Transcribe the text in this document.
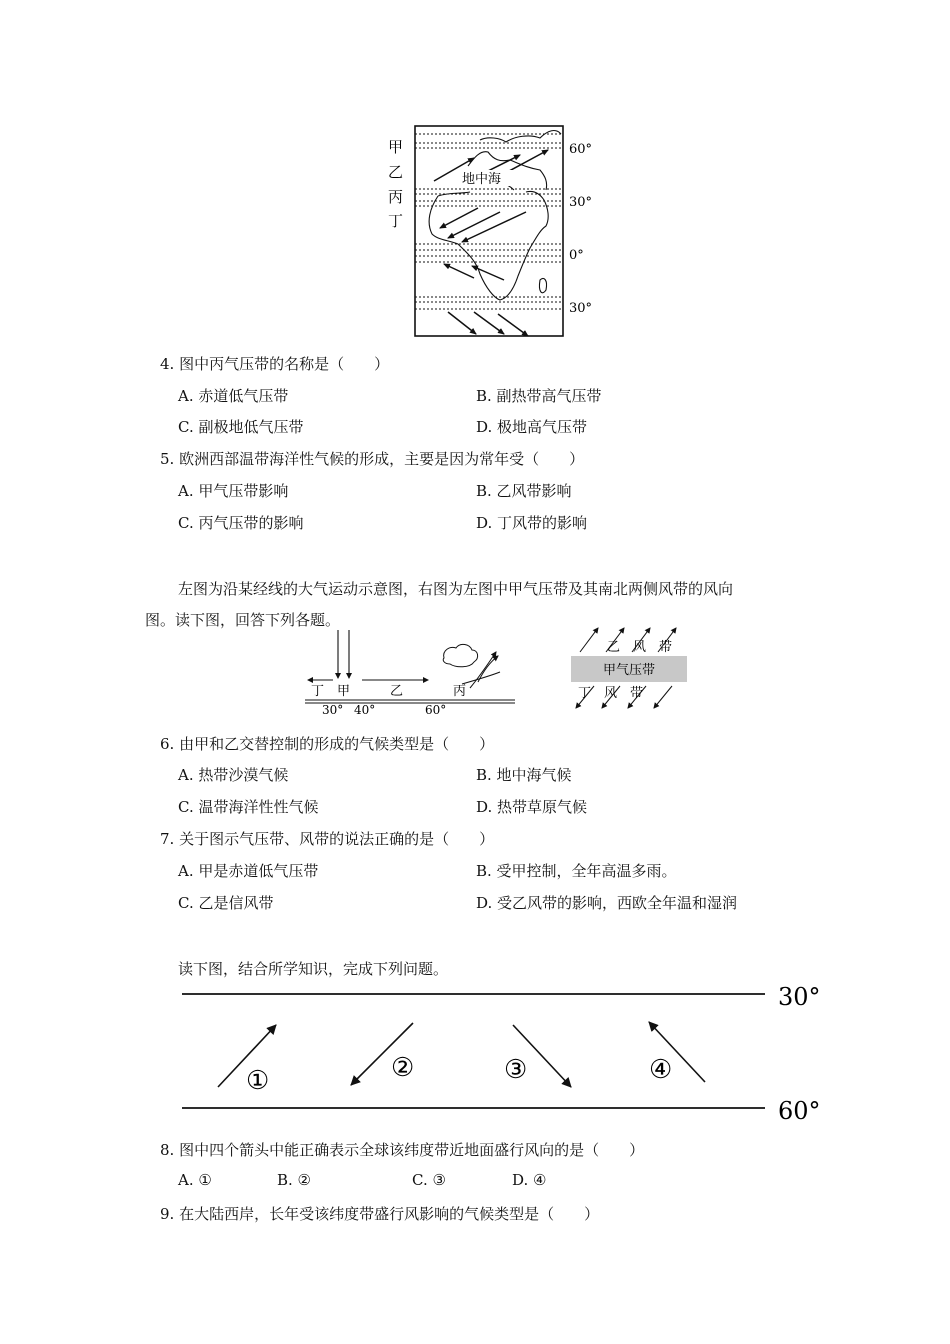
地中海
甲
乙
丙
丁
60°
30°
0°
30°
4. 图中丙气压带的名称是（　　）
A. 赤道低气压带	B. 副热带高气压带
C. 副极地低气压带	D. 极地高气压带
5. 欧洲西部温带海洋性气候的形成，主要是因为常年受（　　）
A. 甲气压带影响	B. 乙风带影响
C. 丙气压带的影响	D. 丁风带的影响
左图为沿某经线的大气运动示意图，右图为左图中甲气压带及其南北两侧风带的风向
图。读下图，回答下列各题。
丁 甲	乙	丙
30° 40°	60°
乙　风　带
甲气压带
丁　风　带
6. 由甲和乙交替控制的形成的气候类型是（　　）
A. 热带沙漠气候	B. 地中海气候
C. 温带海洋性性气候	D. 热带草原气候
7. 关于图示气压带、风带的说法正确的是（　　）
A. 甲是赤道低气压带	B. 受甲控制，全年高温多雨。
C. 乙是信风带	D. 受乙风带的影响，西欧全年温和湿润
读下图，结合所学知识，完成下列问题。
30°
60°
①	②	③	④
8. 图中四个箭头中能正确表示全球该纬度带近地面盛行风向的是（　　）
A. ①	B. ②	C. ③	D. ④
9. 在大陆西岸，长年受该纬度带盛行风影响的气候类型是（　　）
